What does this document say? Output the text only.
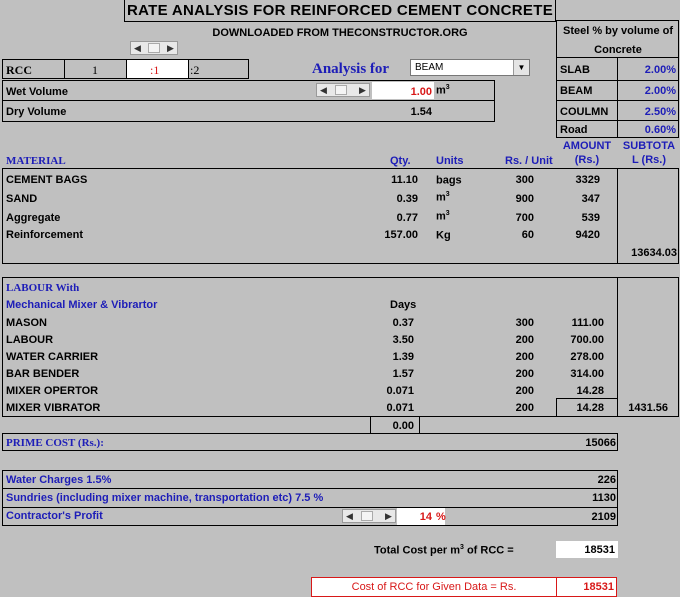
RATE ANALYSIS FOR REINFORCED CEMENT CONCRETE
DOWNLOADED FROM THECONSTRUCTOR.ORG	Steel % by volume of Concrete
SLAB	2.00%
BEAM	2.00%
COULMN	2.50%
Road	0.60%
◀	▶
RCC	1	:1	:2	Analysis for	BEAM	▼
Wet Volume	◀	▶	1.00 $m^3$
Dry Volume	1.54
AMOUNT
(Rs.)
SUBTOTA
L (Rs.)
MATERIAL	Qty. Units	Rs. / Unit
CEMENT BAGS	11.10 bags	300	3329
SAND	0.39 $m^3$	900	347
Aggregate	0.77 $m^3$	700	539
Reinforcement	157.00 Kg	60	9420
13634.03
LABOUR With
Mechanical Mixer & Vibrartor	Days
MASON	0.37	300	111.00
LABOUR	3.50	200	700.00
WATER CARRIER	1.39	200	278.00
BAR BENDER	1.57	200	314.00
MIXER OPERTOR	0.071	200	14.28
MIXER VIBRATOR	0.071	200	14.28	1431.56
0.00
PRIME COST (Rs.):	15066
Water Charges 1.5%	226
Sundries (including mixer machine, transportation etc) 7.5 %	1130
Contractor's Profit	◀	▶	14 %	2109
Total Cost per $m^3$ of RCC =	18531
Cost of RCC for Given Data = Rs.	18531
